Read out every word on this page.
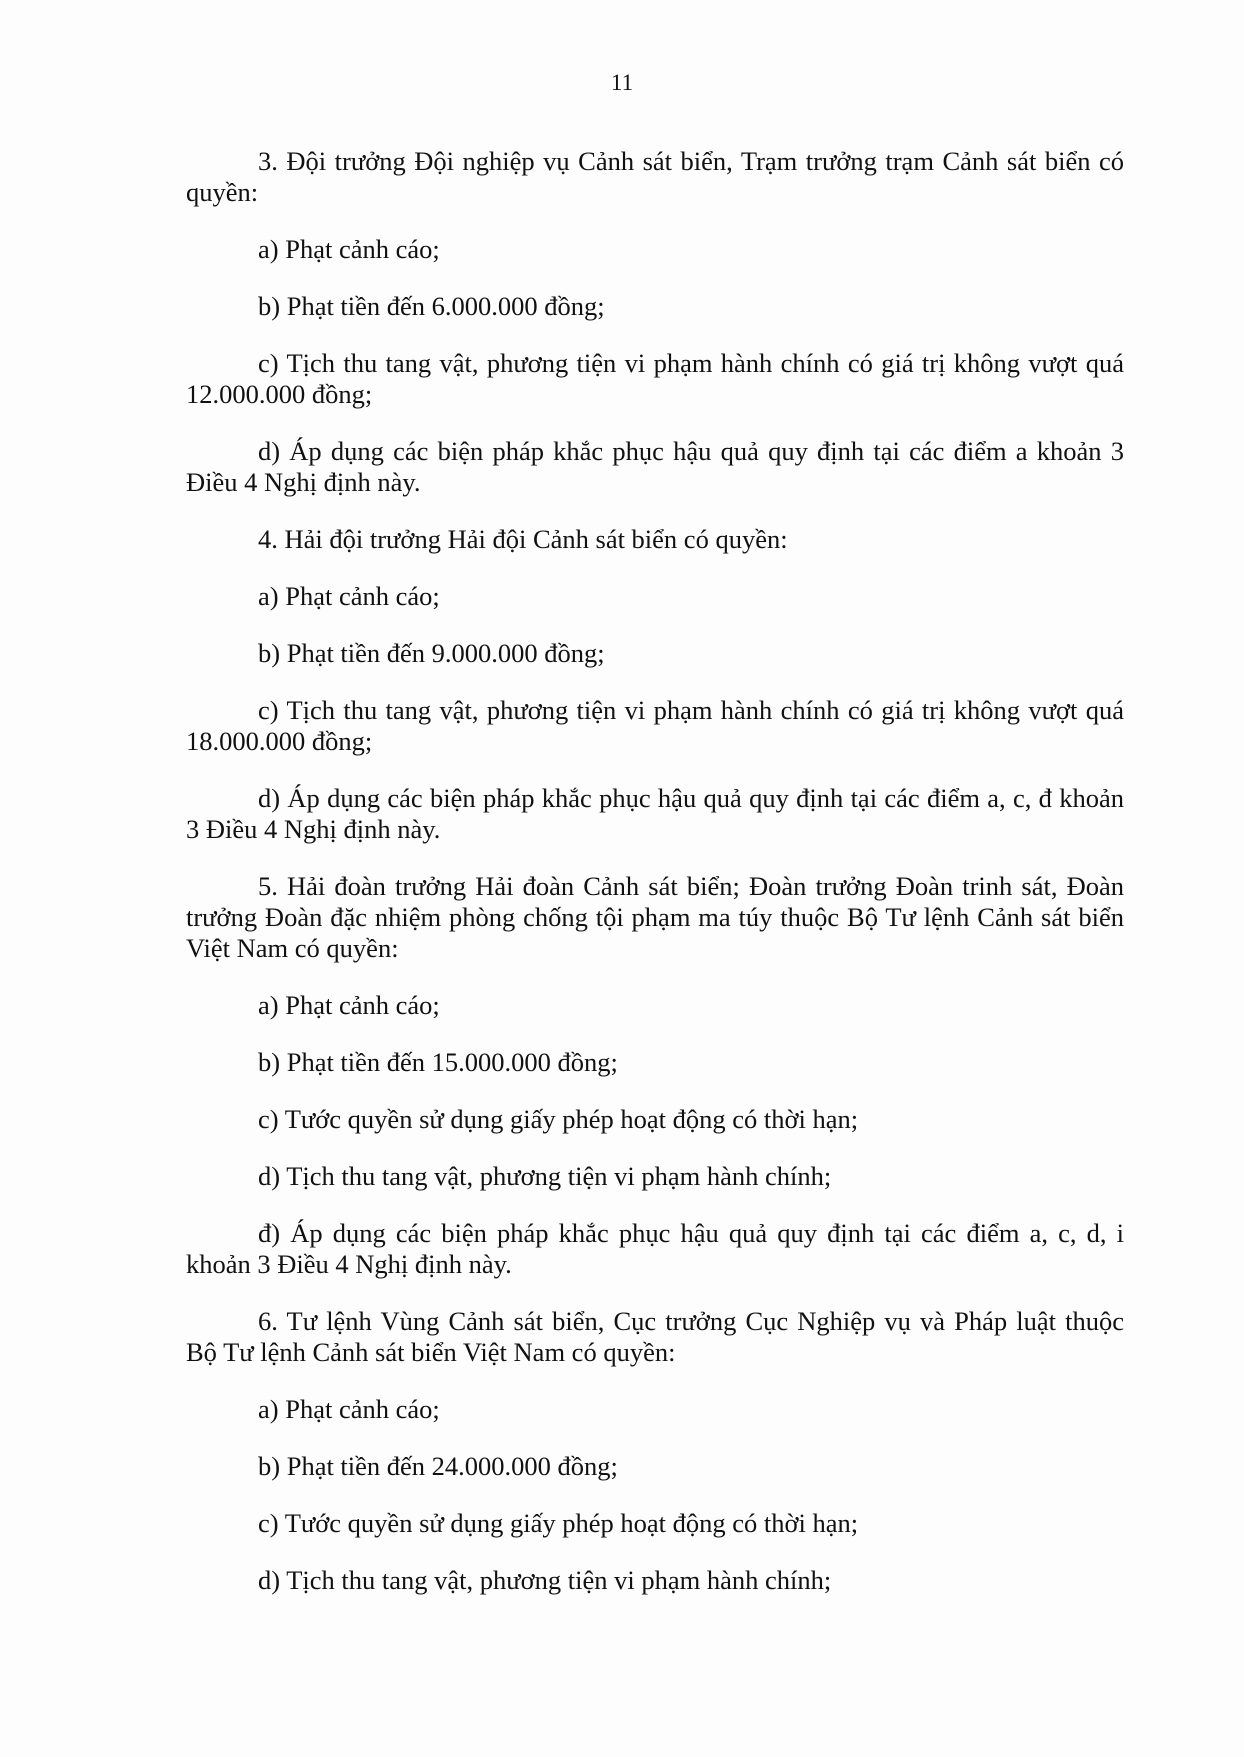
11

3. Đội trưởng Đội nghiệp vụ Cảnh sát biển, Trạm trưởng trạm Cảnh sát biển có quyền:

a) Phạt cảnh cáo;

b) Phạt tiền đến 6.000.000 đồng;

c) Tịch thu tang vật, phương tiện vi phạm hành chính có giá trị không vượt quá 12.000.000 đồng;

d) Áp dụng các biện pháp khắc phục hậu quả quy định tại các điểm a khoản 3 Điều 4 Nghị định này.

4. Hải đội trưởng Hải đội Cảnh sát biển có quyền:

a) Phạt cảnh cáo;

b) Phạt tiền đến 9.000.000 đồng;

c) Tịch thu tang vật, phương tiện vi phạm hành chính có giá trị không vượt quá 18.000.000 đồng;

d) Áp dụng các biện pháp khắc phục hậu quả quy định tại các điểm a, c, đ khoản 3 Điều 4 Nghị định này.

5. Hải đoàn trưởng Hải đoàn Cảnh sát biển; Đoàn trưởng Đoàn trinh sát, Đoàn trưởng Đoàn đặc nhiệm phòng chống tội phạm ma túy thuộc Bộ Tư lệnh Cảnh sát biển Việt Nam có quyền:

a) Phạt cảnh cáo;

b) Phạt tiền đến 15.000.000 đồng;

c) Tước quyền sử dụng giấy phép hoạt động có thời hạn;

d) Tịch thu tang vật, phương tiện vi phạm hành chính;

đ) Áp dụng các biện pháp khắc phục hậu quả quy định tại các điểm a, c, d, i khoản 3 Điều 4 Nghị định này.

6. Tư lệnh Vùng Cảnh sát biển, Cục trưởng Cục Nghiệp vụ và Pháp luật thuộc Bộ Tư lệnh Cảnh sát biển Việt Nam có quyền:

a) Phạt cảnh cáo;

b) Phạt tiền đến 24.000.000 đồng;

c) Tước quyền sử dụng giấy phép hoạt động có thời hạn;

d) Tịch thu tang vật, phương tiện vi phạm hành chính;
